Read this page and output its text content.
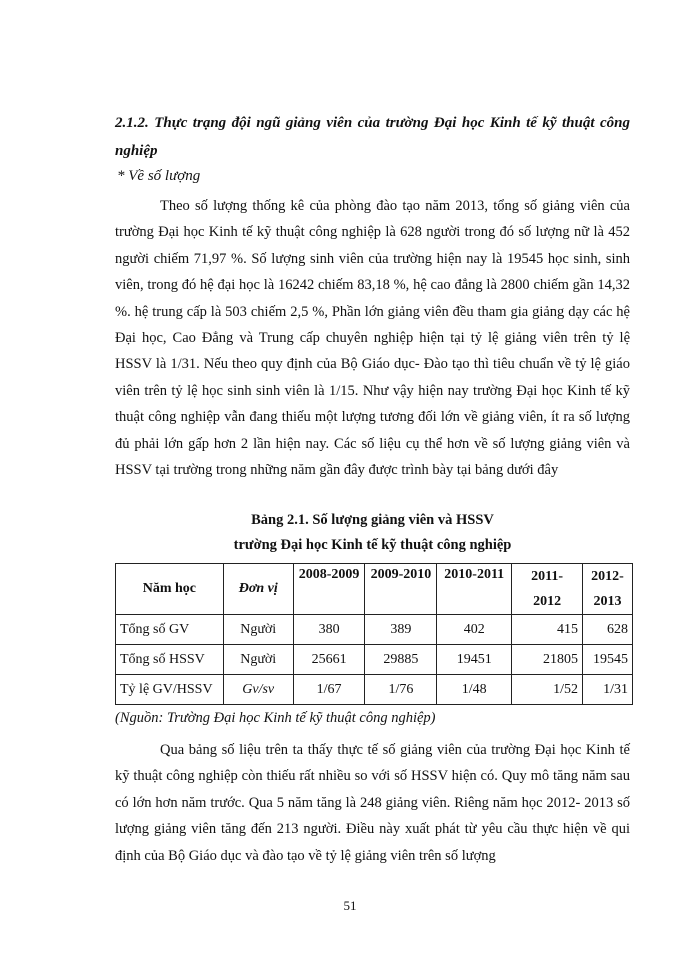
2.1.2. Thực trạng đội ngũ giảng viên của trường Đại học Kinh tế kỹ thuật công nghiệp
* Về số lượng
Theo số lượng thống kê của phòng đào tạo năm 2013, tổng số giảng viên của trường Đại học Kinh tế kỹ thuật công nghiệp là 628 người trong đó số lượng nữ là 452 người chiếm 71,97 %. Số lượng sinh viên của trường hiện nay là 19545 học sinh, sinh viên, trong đó hệ đại học là 16242 chiếm 83,18 %, hệ cao đẳng là 2800 chiếm gần 14,32 %. hệ trung cấp là 503 chiếm 2,5 %, Phần lớn giảng viên đều tham gia giảng dạy các hệ Đại học, Cao Đẳng và Trung cấp chuyên nghiệp hiện tại tỷ lệ giảng viên trên tỷ lệ HSSV là 1/31. Nếu theo quy định của Bộ Giáo dục- Đào tạo thì tiêu chuẩn về tỷ lệ giáo viên trên tỷ lệ học sinh sinh viên là 1/15. Như vậy hiện nay trường Đại học Kinh tế kỹ thuật công nghiệp vẫn đang thiếu một lượng tương đối lớn về giảng viên, ít ra số lượng đủ phải lớn gấp hơn 2 lần hiện nay. Các số liệu cụ thể hơn về số lượng giảng viên và HSSV tại trường trong những năm gần đây được trình bày tại bảng dưới đây
Bảng 2.1. Số lượng giảng viên và HSSV
trường Đại học Kinh tế kỹ thuật công nghiệp
Năm học	Đơn vị	2008-2009	2009-2010	2010-2011	2011-	2012-
					2012	2013
Tổng số GV	Người	380	389	402	415	628
Tổng số HSSV	Người	25661	29885	19451	21805	19545
Tỷ lệ GV/HSSV	Gv/sv	1/67	1/76	1/48	1/52	1/31
(Nguồn: Trường Đại học Kinh tế kỹ thuật công nghiệp)
Qua bảng số liệu trên ta thấy thực tế số giảng viên của trường Đại học Kinh tế kỹ thuật công nghiệp còn thiếu rất nhiều so với số HSSV hiện có. Quy mô tăng năm sau có lớn hơn năm trước. Qua 5 năm tăng là 248 giảng viên. Riêng năm học 2012- 2013 số lượng giảng viên tăng đến 213 người. Điều này xuất phát từ yêu cầu thực hiện về qui định của Bộ Giáo dục và đào tạo về tỷ lệ giảng viên trên số lượng
51
